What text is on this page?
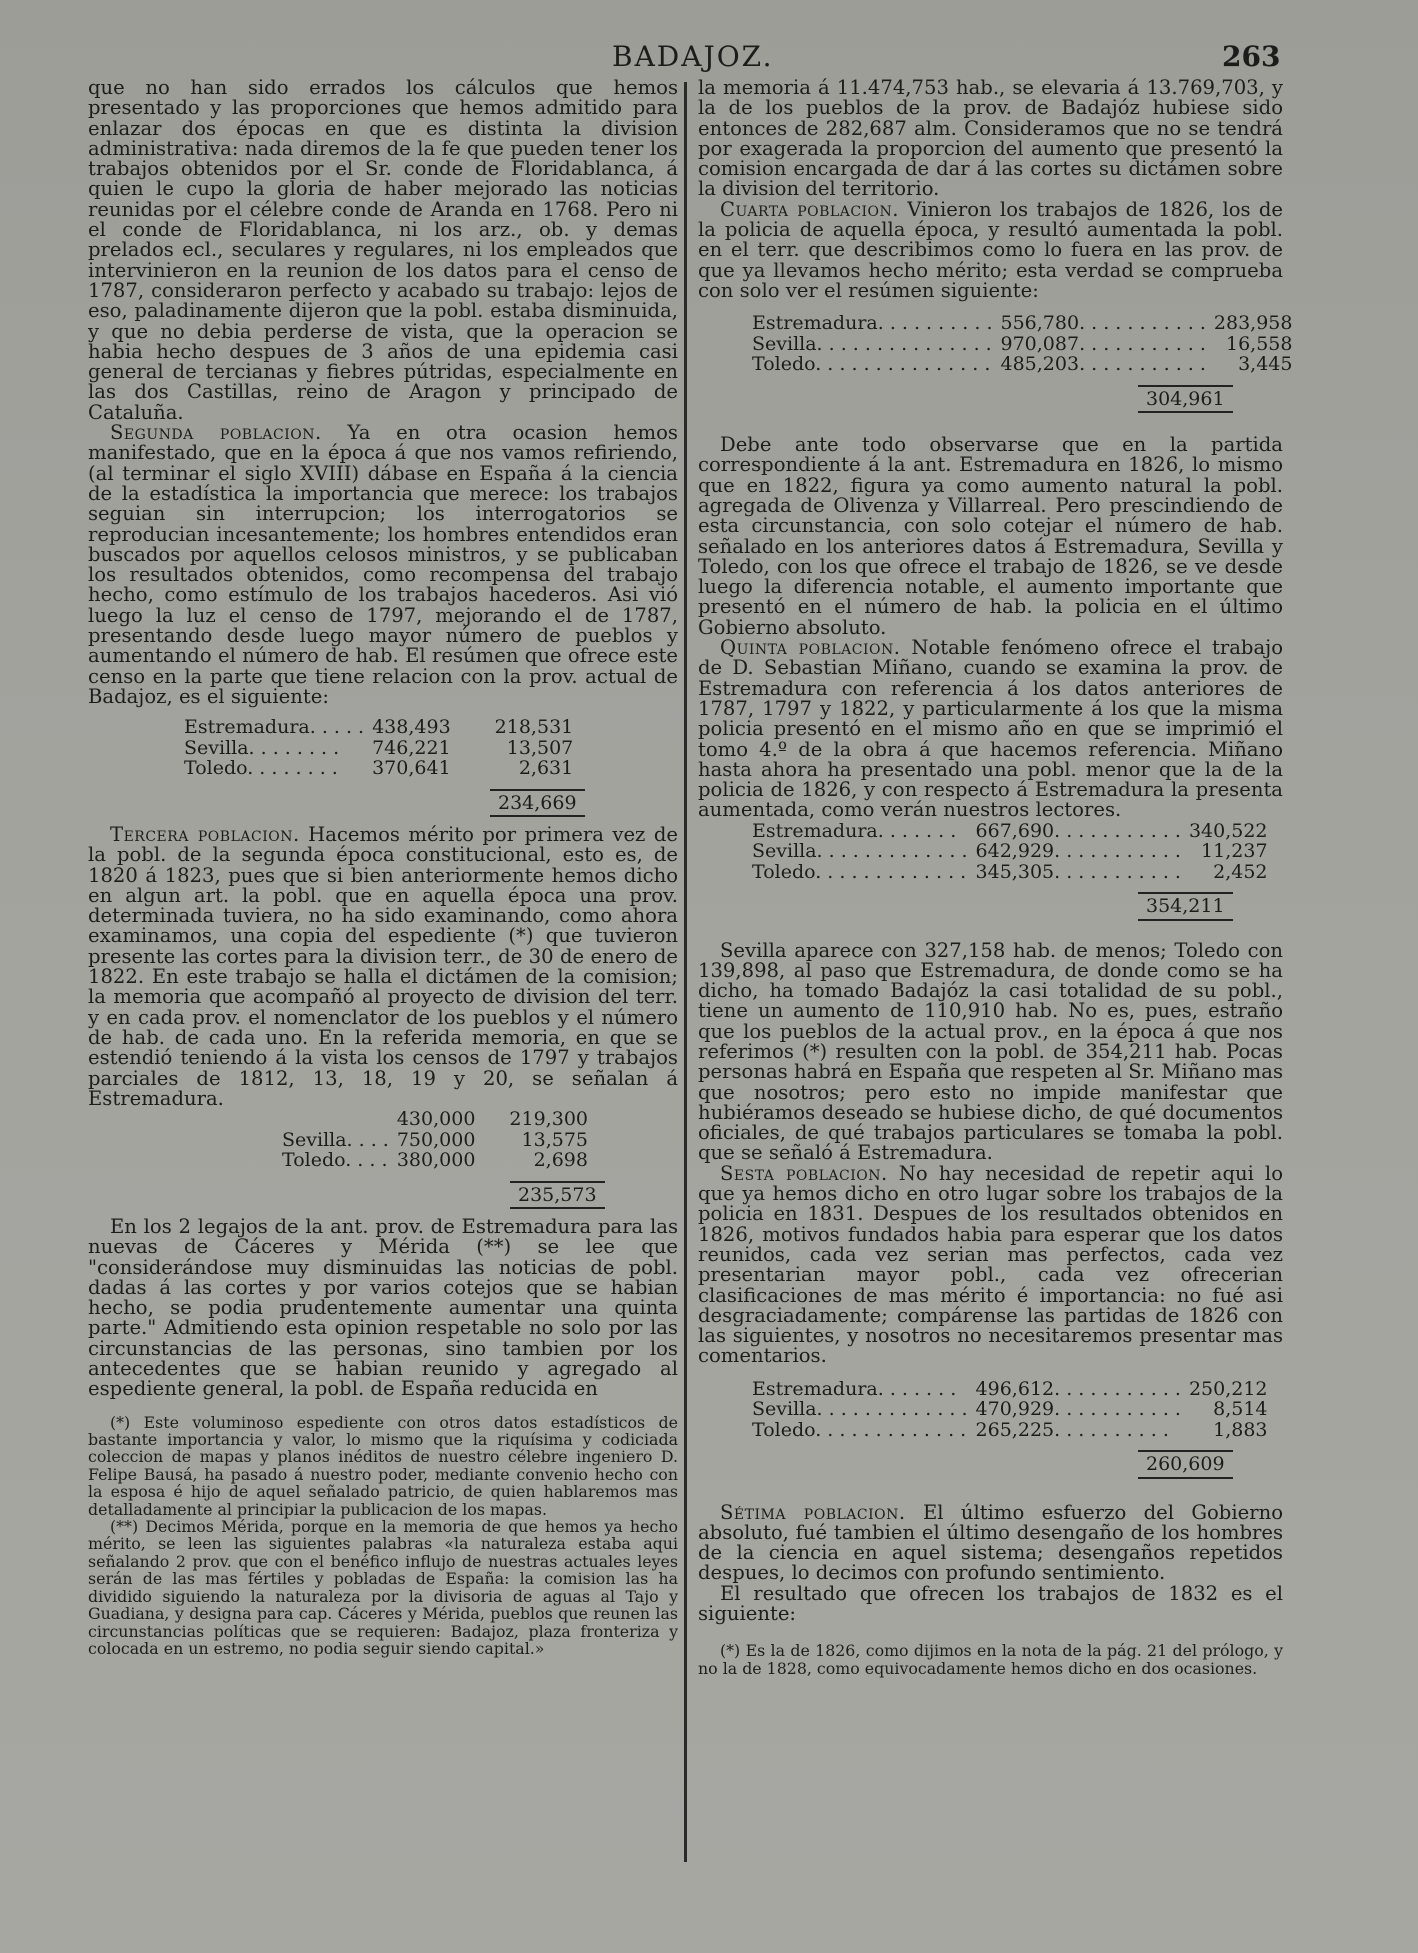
BADAJOZ.	263

que no han sido errados los cálculos que hemos presentado y las proporciones que hemos admitido para enlazar dos épocas en que es distinta la division administrativa: nada diremos de la fe que pueden tener los trabajos obtenidos por el Sr. conde de Floridablanca, á quien le cupo la gloria de haber mejorado las noticias reunidas por el célebre conde de Aranda en 1768. Pero ni el conde de Floridablanca, ni los arz., ob. y demas prelados ecl., seculares y regulares, ni los empleados que intervinieron en la reunion de los datos para el censo de 1787, consideraron perfecto y acabado su trabajo: lejos de eso, paladinamente dijeron que la pobl. estaba disminuida, y que no debia perderse de vista, que la operacion se habia hecho despues de 3 años de una epidemia casi general de tercianas y fiebres pútridas, especialmente en las dos Castillas, reino de Aragon y principado de Cataluña.

Segunda poblacion. Ya en otra ocasion hemos manifestado, que en la época á que nos vamos refiriendo, (al terminar el siglo XVIII) dábase en España á la ciencia de la estadística la importancia que merece: los trabajos seguian sin interrupcion; los interrogatorios se reproducian incesantemente; los hombres entendidos eran buscados por aquellos celosos ministros, y se publicaban los resultados obtenidos, como recompensa del trabajo hecho, como estímulo de los trabajos hacederos. Asi vió luego la luz el censo de 1797, mejorando el de 1787, presentando desde luego mayor número de pueblos y aumentando el número de hab. El resúmen que ofrece este censo en la parte que tiene relacion con la prov. actual de Badajoz, es el siguiente:

Estremadura. . . . .	438,493	218,531
Sevilla. . . . . . . .	746,221	13,507
Toledo. . . . . . . .	370,641	2,631
234,669

Tercera poblacion. Hacemos mérito por primera vez de la pobl. de la segunda época constitucional, esto es, de 1820 á 1823, pues que si bien anteriormente hemos dicho en algun art. la pobl. que en aquella época una prov. determinada tuviera, no ha sido examinando, como ahora examinamos, una copia del espediente (*) que tuvieron presente las cortes para la division terr., de 30 de enero de 1822. En este trabajo se halla el dictámen de la comision; la memoria que acompañó al proyecto de division del terr. y en cada prov. el nomenclator de los pueblos y el número de hab. de cada uno. En la referida memoria, en que se estendió teniendo á la vista los censos de 1797 y trabajos parciales de 1812, 13, 18, 19 y 20, se señalan á Estremadura.

	430,000	219,300
Sevilla. . . .	750,000	13,575
Toledo. . . .	380,000	2,698
235,573

En los 2 legajos de la ant. prov. de Estremadura para las nuevas de Cáceres y Mérida (**) se lee que "considerándose muy disminuidas las noticias de pobl. dadas á las cortes y por varios cotejos que se habian hecho, se podia prudentemente aumentar una quinta parte." Admitiendo esta opinion respetable no solo por las circunstancias de las personas, sino tambien por los antecedentes que se habian reunido y agregado al espediente general, la pobl. de España reducida en

(*) Este voluminoso espediente con otros datos estadísticos de bastante importancia y valor, lo mismo que la riquísima y codiciada coleccion de mapas y planos inéditos de nuestro célebre ingeniero D. Felipe Bausá, ha pasado á nuestro poder, mediante convenio hecho con la esposa é hijo de aquel señalado patricio, de quien hablaremos mas detalladamente al principiar la publicacion de los mapas.

(**) Decimos Mérida, porque en la memoria de que hemos ya hecho mérito, se leen las siguientes palabras «la naturaleza estaba aqui señalando 2 prov. que con el benéfico influjo de nuestras actuales leyes serán de las mas fértiles y pobladas de España: la comision las ha dividido siguiendo la naturaleza por la divisoria de aguas al Tajo y Guadiana, y designa para cap. Cáceres y Mérida, pueblos que reunen las circunstancias políticas que se requieren: Badajoz, plaza fronteriza y colocada en un estremo, no podia seguir siendo capital.»

la memoria á 11.474,753 hab., se elevaria á 13.769,703, y la de los pueblos de la prov. de Badajóz hubiese sido entonces de 282,687 alm. Consideramos que no se tendrá por exagerada la proporcion del aumento que presentó la comision encargada de dar á las cortes su dictámen sobre la division del territorio.

Cuarta poblacion. Vinieron los trabajos de 1826, los de la policia de aquella época, y resultó aumentada la pobl. en el terr. que describimos como lo fuera en las prov. de que ya llevamos hecho mérito; esta verdad se comprueba con solo ver el resúmen siguiente:

Estremadura. . . . . . . . . .	556,780. . . . . . . . . . .	283,958
Sevilla. . . . . . . . . . . . . . .	970,087. . . . . . . . . . .	16,558
Toledo. . . . . . . . . . . . . . .	485,203. . . . . . . . . . .	3,445
304,961

Debe ante todo observarse que en la partida correspondiente á la ant. Estremadura en 1826, lo mismo que en 1822, figura ya como aumento natural la pobl. agregada de Olivenza y Villarreal. Pero prescindiendo de esta circunstancia, con solo cotejar el número de hab. señalado en los anteriores datos á Estremadura, Sevilla y Toledo, con los que ofrece el trabajo de 1826, se ve desde luego la diferencia notable, el aumento importante que presentó en el número de hab. la policia en el último Gobierno absoluto.

Quinta poblacion. Notable fenómeno ofrece el trabajo de D. Sebastian Miñano, cuando se examina la prov. de Estremadura con referencia á los datos anteriores de 1787, 1797 y 1822, y particularmente á los que la misma policia presentó en el mismo año en que se imprimió el tomo 4.º de la obra á que hacemos referencia. Miñano hasta ahora ha presentado una pobl. menor que la de la policia de 1826, y con respecto á Estremadura la presenta aumentada, como verán nuestros lectores.

Estremadura. . . . . . .	667,690. . . . . . . . . . .	340,522
Sevilla. . . . . . . . . . . . .	642,929. . . . . . . . . . .	11,237
Toledo. . . . . . . . . . . . .	345,305. . . . . . . . . . .	2,452
354,211

Sevilla aparece con 327,158 hab. de menos; Toledo con 139,898, al paso que Estremadura, de donde como se ha dicho, ha tomado Badajóz la casi totalidad de su pobl., tiene un aumento de 110,910 hab. No es, pues, estraño que los pueblos de la actual prov., en la época á que nos referimos (*) resulten con la pobl. de 354,211 hab. Pocas personas habrá en España que respeten al Sr. Miñano mas que nosotros; pero esto no impide manifestar que hubiéramos deseado se hubiese dicho, de qué documentos oficiales, de qué trabajos particulares se tomaba la pobl. que se señaló á Estremadura.

Sesta poblacion. No hay necesidad de repetir aqui lo que ya hemos dicho en otro lugar sobre los trabajos de la policia en 1831. Despues de los resultados obtenidos en 1826, motivos fundados habia para esperar que los datos reunidos, cada vez serian mas perfectos, cada vez presentarian mayor pobl., cada vez ofrecerian clasificaciones de mas mérito é importancia: no fué asi desgraciadamente; compárense las partidas de 1826 con las siguientes, y nosotros no necesitaremos presentar mas comentarios.

Estremadura. . . . . . .	496,612. . . . . . . . . . .	250,212
Sevilla. . . . . . . . . . . . .	470,929. . . . . . . . . . .	8,514
Toledo. . . . . . . . . . . . .	265,225. . . . . . . . . .	1,883
260,609

Sétima poblacion. El último esfuerzo del Gobierno absoluto, fué tambien el último desengaño de los hombres de la ciencia en aquel sistema; desengaños repetidos despues, lo decimos con profundo sentimiento.

El resultado que ofrecen los trabajos de 1832 es el siguiente:

(*) Es la de 1826, como dijimos en la nota de la pág. 21 del prólogo, y no la de 1828, como equivocadamente hemos dicho en dos ocasiones.
